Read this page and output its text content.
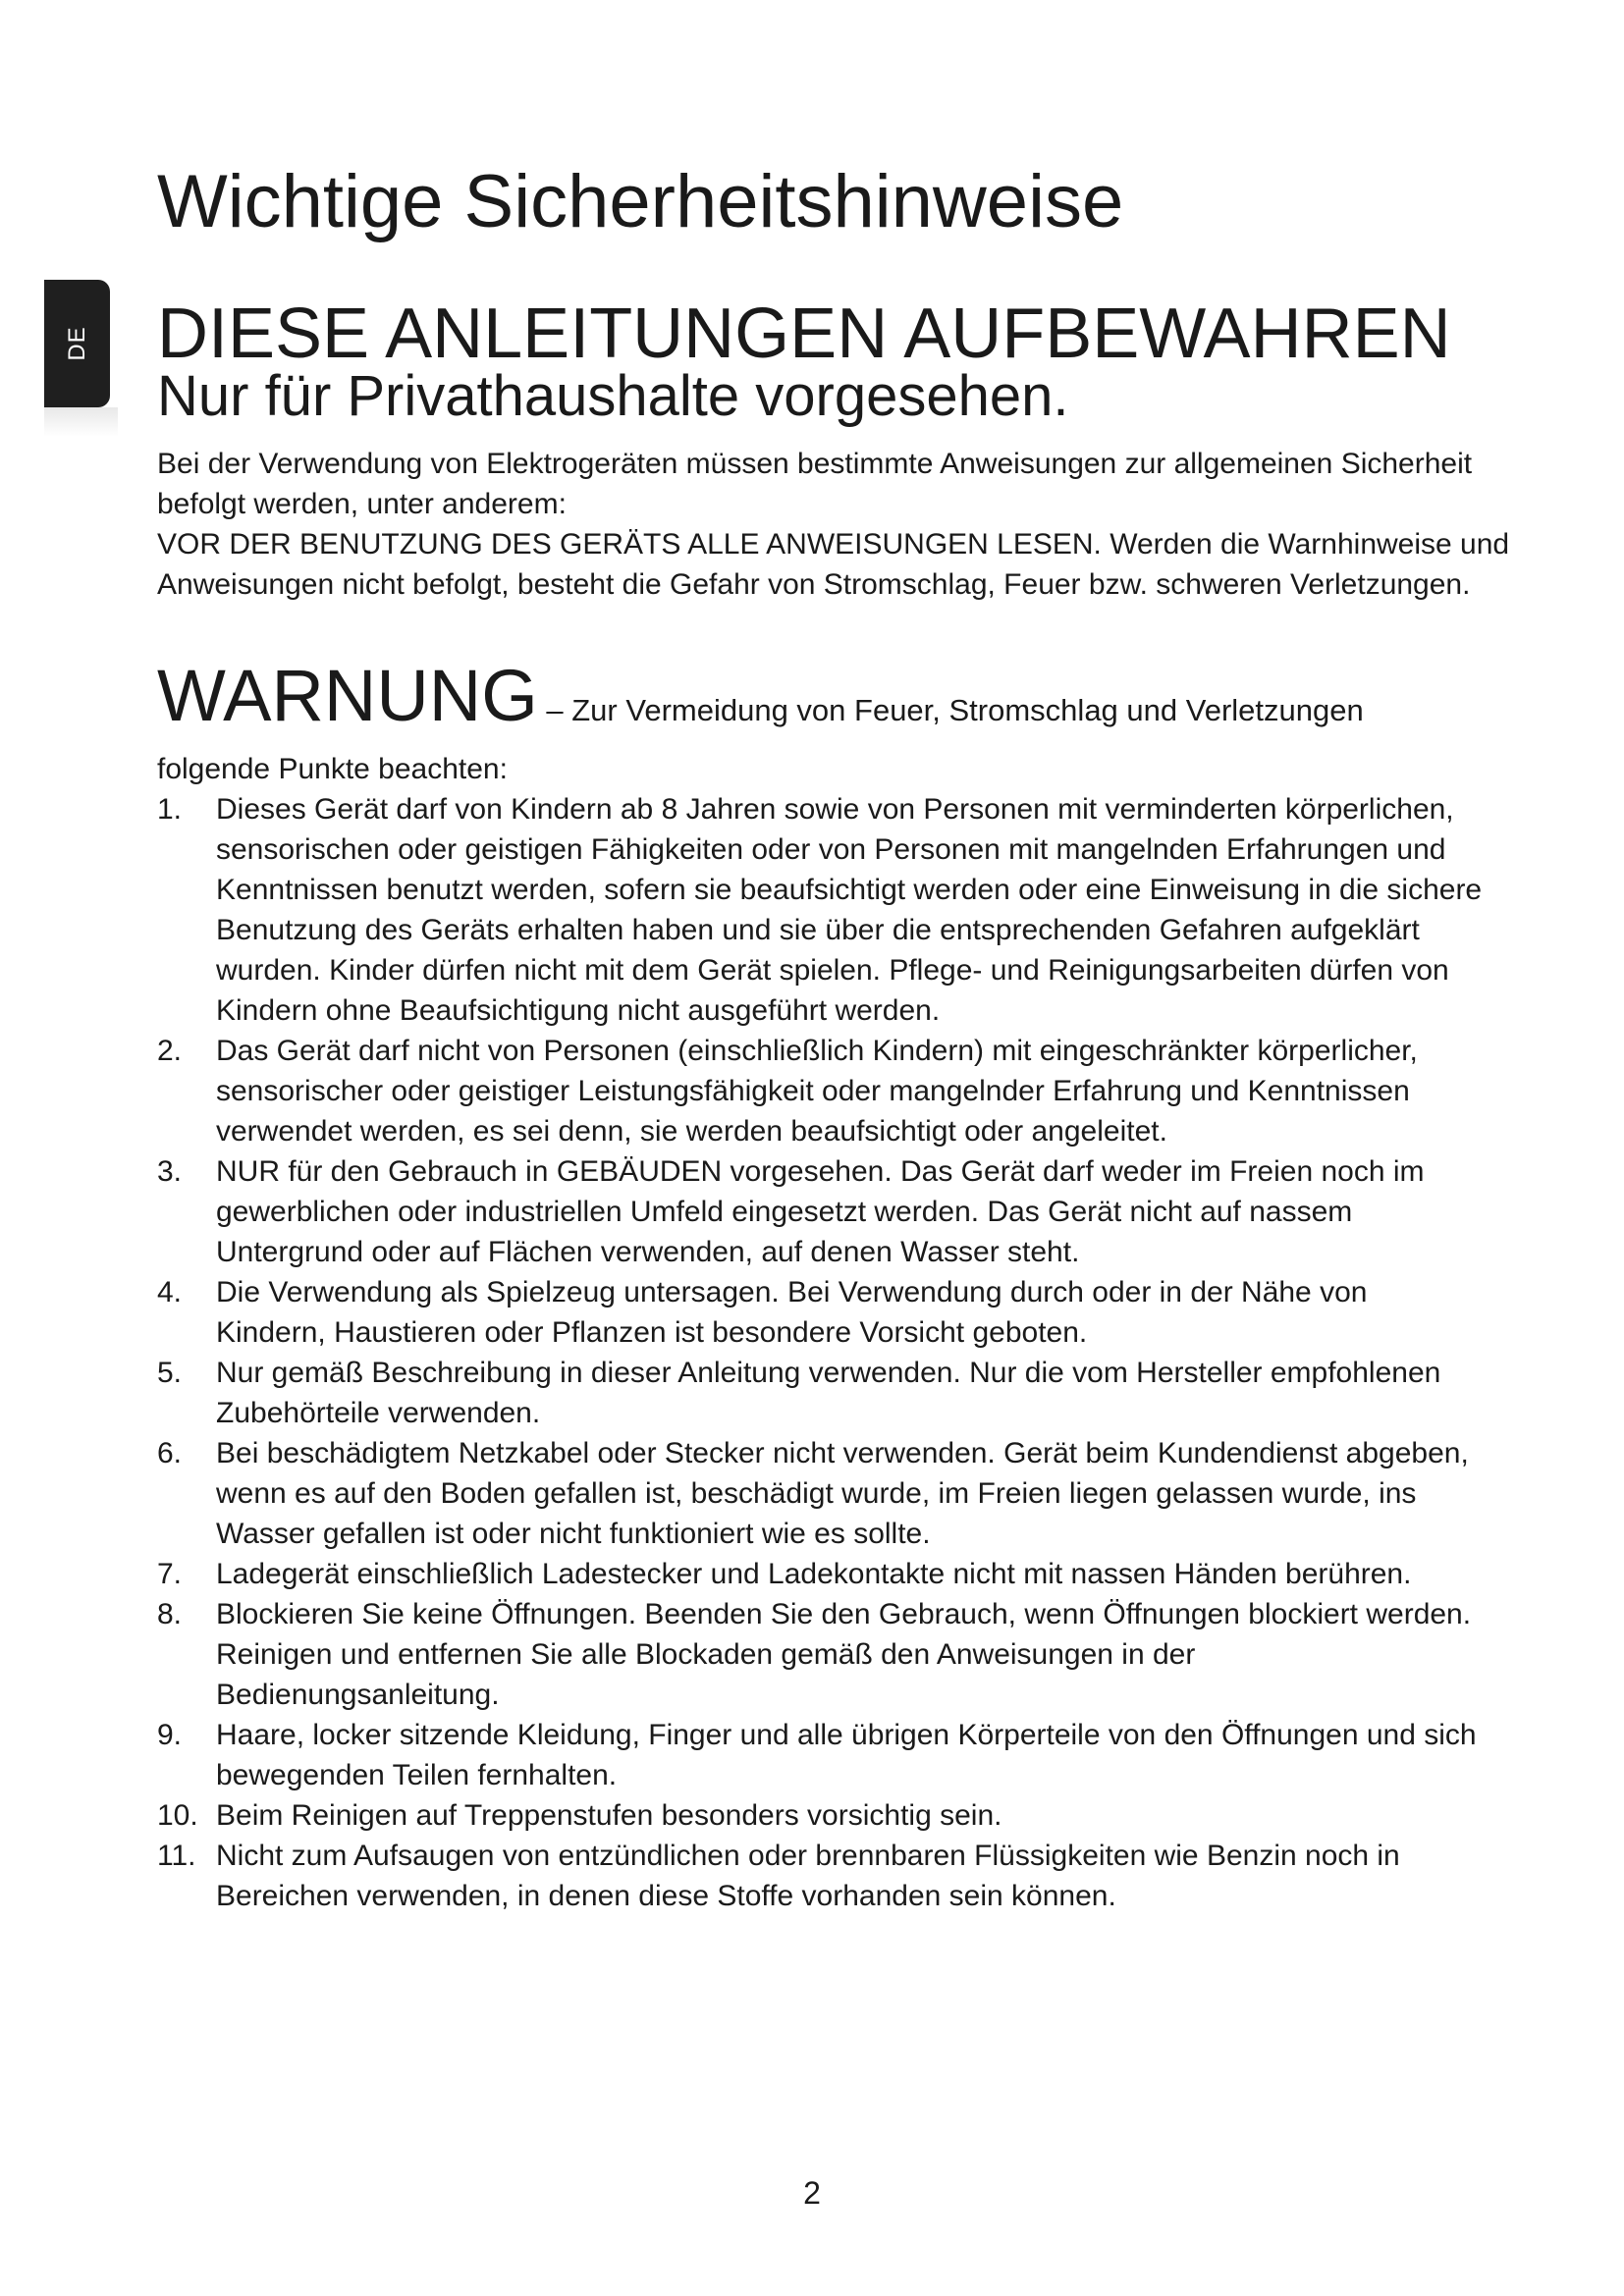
DE
Wichtige Sicherheitshinweise
DIESE ANLEITUNGEN AUFBEWAHREN
Nur für Privathaushalte vorgesehen.

Bei der Verwendung von Elektrogeräten müssen bestimmte Anweisungen zur allgemeinen Sicherheit befolgt werden, unter anderem:

VOR DER BENUTZUNG DES GERÄTS ALLE ANWEISUNGEN LESEN. Werden die Warnhinweise und Anweisungen nicht befolgt, besteht die Gefahr von Stromschlag, Feuer bzw. schweren Verletzungen.

WARNUNG – Zur Vermeidung von Feuer, Stromschlag und Verletzungen

folgende Punkte beachten:

1.	Dieses Gerät darf von Kindern ab 8 Jahren sowie von Personen mit verminderten körperlichen, sensorischen oder geistigen Fähigkeiten oder von Personen mit mangelnden Erfahrungen und Kenntnissen benutzt werden, sofern sie beaufsichtigt werden oder eine Einweisung in die sichere Benutzung des Geräts erhalten haben und sie über die entsprechenden Gefahren aufgeklärt wurden. Kinder dürfen nicht mit dem Gerät spielen. Pflege- und Reinigungsarbeiten dürfen von Kindern ohne Beaufsichtigung nicht ausgeführt werden.
2.	Das Gerät darf nicht von Personen (einschließlich Kindern) mit eingeschränkter körperlicher, sensorischer oder geistiger Leistungsfähigkeit oder mangelnder Erfahrung und Kenntnissen verwendet werden, es sei denn, sie werden beaufsichtigt oder angeleitet.
3.	NUR für den Gebrauch in GEBÄUDEN vorgesehen. Das Gerät darf weder im Freien noch im gewerblichen oder industriellen Umfeld eingesetzt werden. Das Gerät nicht auf nassem Untergrund oder auf Flächen verwenden, auf denen Wasser steht.
4.	Die Verwendung als Spielzeug untersagen. Bei Verwendung durch oder in der Nähe von Kindern, Haustieren oder Pflanzen ist besondere Vorsicht geboten.
5.	Nur gemäß Beschreibung in dieser Anleitung verwenden. Nur die vom Hersteller empfohlenen Zubehörteile verwenden.
6.	Bei beschädigtem Netzkabel oder Stecker nicht verwenden. Gerät beim Kundendienst abgeben, wenn es auf den Boden gefallen ist, beschädigt wurde, im Freien liegen gelassen wurde, ins Wasser gefallen ist oder nicht funktioniert wie es sollte.
7.	Ladegerät einschließlich Ladestecker und Ladekontakte nicht mit nassen Händen berühren.
8.	Blockieren Sie keine Öffnungen. Beenden Sie den Gebrauch, wenn Öffnungen blockiert werden. Reinigen und entfernen Sie alle Blockaden gemäß den Anweisungen in der Bedienungsanleitung.
9.	Haare, locker sitzende Kleidung, Finger und alle übrigen Körperteile von den Öffnungen und sich bewegenden Teilen fernhalten.
10. Beim Reinigen auf Treppenstufen besonders vorsichtig sein.
11. Nicht zum Aufsaugen von entzündlichen oder brennbaren Flüssigkeiten wie Benzin noch in Bereichen verwenden, in denen diese Stoffe vorhanden sein können.
2
